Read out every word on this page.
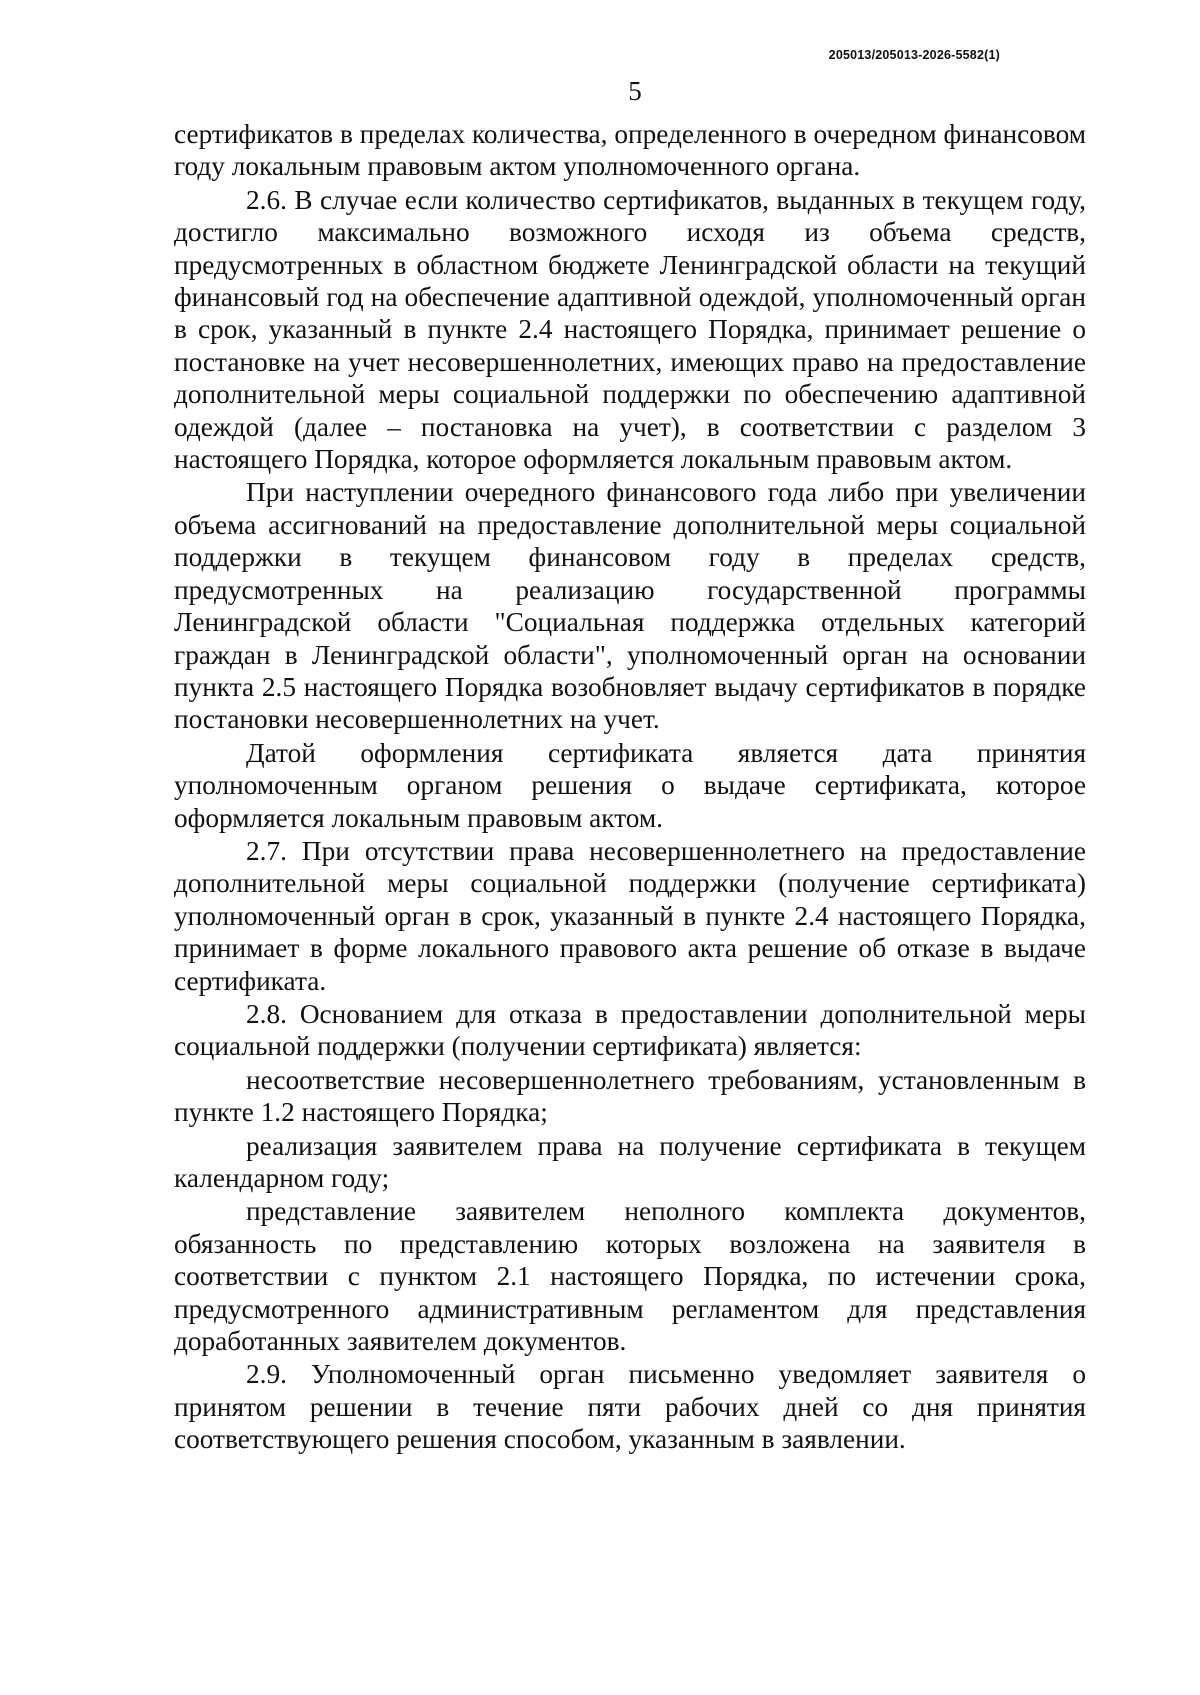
205013/205013-2026-5582(1)
5

сертификатов в пределах количества, определенного в очередном финансовом году локальным правовым актом уполномоченного органа.

2.6. В случае если количество сертификатов, выданных в текущем году, достигло максимально возможного исходя из объема средств, предусмотренных в областном бюджете Ленинградской области на текущий финансовый год на обеспечение адаптивной одеждой, уполномоченный орган в срок, указанный в пункте 2.4 настоящего Порядка, принимает решение о постановке на учет несовершеннолетних, имеющих право на предоставление дополнительной меры социальной поддержки по обеспечению адаптивной одеждой (далее – постановка на учет), в соответствии с разделом 3 настоящего Порядка, которое оформляется локальным правовым актом.

При наступлении очередного финансового года либо при увеличении объема ассигнований на предоставление дополнительной меры социальной поддержки в текущем финансовом году в пределах средств, предусмотренных на реализацию государственной программы Ленинградской области "Социальная поддержка отдельных категорий граждан в Ленинградской области", уполномоченный орган на основании пункта 2.5 настоящего Порядка возобновляет выдачу сертификатов в порядке постановки несовершеннолетних на учет.

Датой оформления сертификата является дата принятия уполномоченным органом решения о выдаче сертификата, которое оформляется локальным правовым актом.

2.7. При отсутствии права несовершеннолетнего на предоставление дополнительной меры социальной поддержки (получение сертификата) уполномоченный орган в срок, указанный в пункте 2.4 настоящего Порядка, принимает в форме локального правового акта решение об отказе в выдаче сертификата.

2.8. Основанием для отказа в предоставлении дополнительной меры социальной поддержки (получении сертификата) является:

несоответствие несовершеннолетнего требованиям, установленным в пункте 1.2 настоящего Порядка;

реализация заявителем права на получение сертификата в текущем календарном году;

представление заявителем неполного комплекта документов, обязанность по представлению которых возложена на заявителя в соответствии с пунктом 2.1 настоящего Порядка, по истечении срока, предусмотренного административным регламентом для представления доработанных заявителем документов.

2.9. Уполномоченный орган письменно уведомляет заявителя о принятом решении в течение пяти рабочих дней со дня принятия соответствующего решения способом, указанным в заявлении.
